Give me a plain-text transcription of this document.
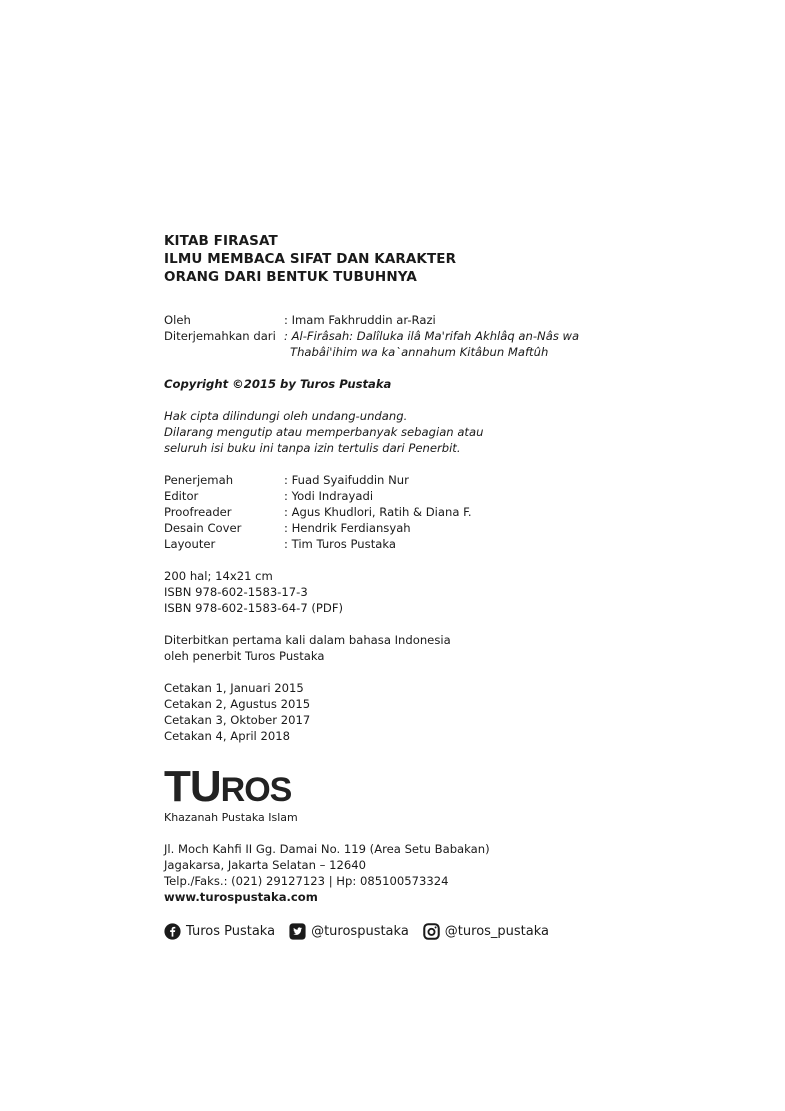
KITAB FIRASAT
ILMU MEMBACA SIFAT DAN KARAKTER
ORANG DARI BENTUK TUBUHNYA
Oleh	: Imam Fakhruddin ar-Razi
Diterjemahkan dari : Al-Firâsah: Dalîluka ilâ Ma'rifah Akhlâq an-Nâs wa
Thabâi'ihim wa ka`annahum Kitâbun Maftûh
Copyright ©2015 by Turos Pustaka
Hak cipta dilindungi oleh undang-undang.
Dilarang mengutip atau memperbanyak sebagian atau
seluruh isi buku ini tanpa izin tertulis dari Penerbit.
Penerjemah	: Fuad Syaifuddin Nur
Editor	: Yodi Indrayadi
Proofreader	: Agus Khudlori, Ratih & Diana F.
Desain Cover	: Hendrik Ferdiansyah
Layouter	: Tim Turos Pustaka
200 hal; 14x21 cm
ISBN 978-602-1583-17-3
ISBN 978-602-1583-64-7 (PDF)
Diterbitkan pertama kali dalam bahasa Indonesia
oleh penerbit Turos Pustaka
Cetakan 1, Januari 2015
Cetakan 2, Agustus 2015
Cetakan 3, Oktober 2017
Cetakan 4, April 2018
TUROS
Khazanah Pustaka Islam
Jl. Moch Kahfi II Gg. Damai No. 119 (Area Setu Babakan)
Jagakarsa, Jakarta Selatan – 12640
Telp./Faks.: (021) 29127123 | Hp: 085100573324
www.turospustaka.com
Turos Pustaka	@turospustaka	@turos_pustaka
